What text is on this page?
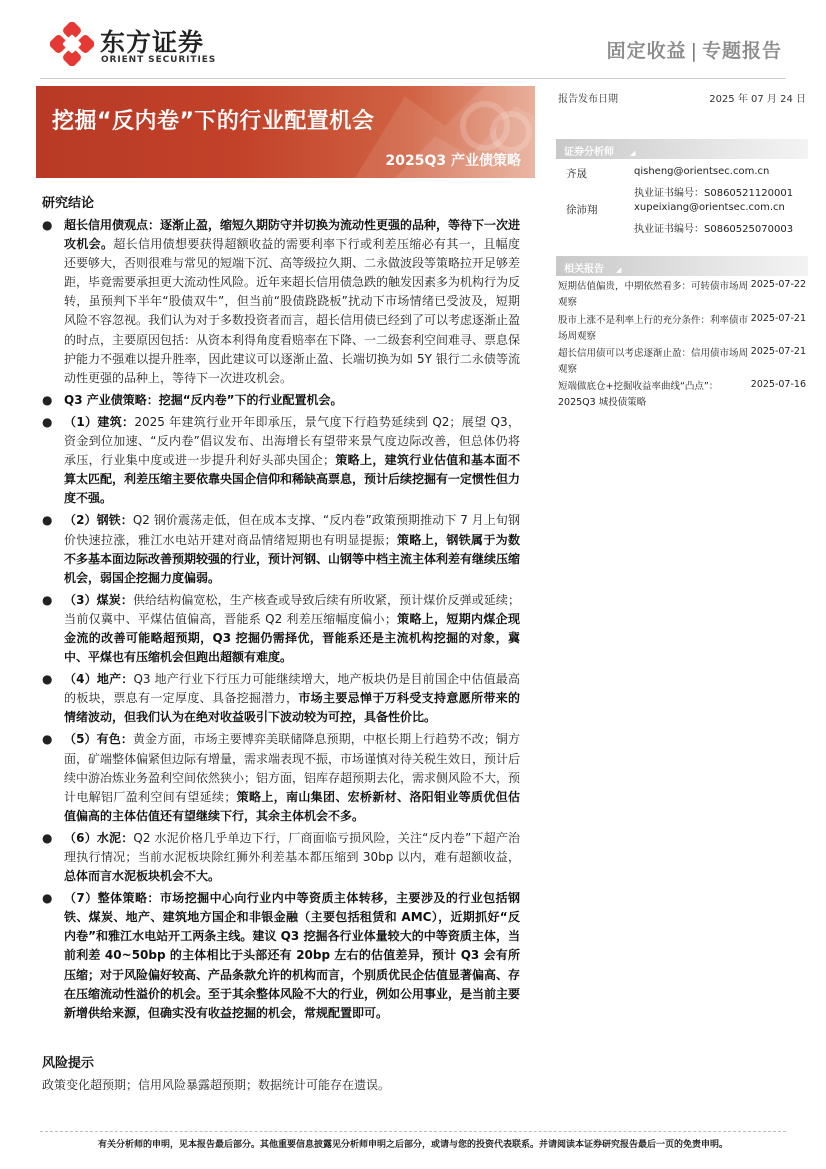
东方证券
ORIENT SECURITIES	固定收益 | 专题报告
挖掘“反内卷”下的行业配置机会
2025Q3 产业债策略
报告发布日期	2025 年 07 月 24 日
证券分析师 ◢
齐晟	qisheng@orientsec.com.cn
执业证书编号：S0860521120001
徐沛翔	xupeixiang@orientsec.com.cn
执业证书编号：S0860525070003
相关报告 ◢
短期估值偏贵，中期依然看多：可转债市场周观察
2025-07-22
股市上涨不是利率上行的充分条件：利率债市场周观察
2025-07-21
超长信用债可以考虑逐渐止盈：信用债市场周观察
2025-07-21
短端做底仓+挖掘收益率曲线“凸点”：2025Q3 城投债策略
2025-07-16
研究结论
● 超长信用债观点：逐渐止盈，缩短久期防守并切换为流动性更强的品种，等待下一次进攻机会。超长信用债想要获得超额收益的需要利率下行或利差压缩必有其一，且幅度还要够大，否则很难与常见的短端下沉、高等级拉久期、二永做波段等策略拉开足够差距，毕竟需要承担更大流动性风险。近年来超长信用债急跌的触发因素多为机构行为反转，虽预判下半年“股债双牛”，但当前“股债跷跷板”扰动下市场情绪已受波及，短期风险不容忽视。我们认为对于多数投资者而言，超长信用债已经到了可以考虑逐渐止盈的时点，主要原因包括：从资本利得角度看赔率在下降、一二级套利空间难寻、票息保护能力不强难以提升胜率，因此建议可以逐渐止盈、长端切换为如 5Y 银行二永债等流动性更强的品种上，等待下一次进攻机会。
● Q3 产业债策略：挖掘“反内卷”下的行业配置机会。
● （1）建筑：2025 年建筑行业开年即承压，景气度下行趋势延续到 Q2；展望 Q3，资金到位加速、“反内卷”倡议发布、出海增长有望带来景气度边际改善，但总体仍将承压，行业集中度或进一步提升利好头部央国企；策略上，建筑行业估值和基本面不算太匹配，利差压缩主要依靠央国企信仰和稀缺高票息，预计后续挖掘有一定惯性但力度不强。
● （2）钢铁：Q2 钢价震荡走低，但在成本支撑、“反内卷”政策预期推动下 7 月上旬钢价快速拉涨，雅江水电站开建对商品情绪短期也有明显提振；策略上，钢铁属于为数不多基本面边际改善预期较强的行业，预计河钢、山钢等中档主流主体利差有继续压缩机会，弱国企挖掘力度偏弱。
● （3）煤炭：供给结构偏宽松，生产核查或导致后续有所收紧，预计煤价反弹或延续；当前仅冀中、平煤估值偏高，晋能系 Q2 利差压缩幅度偏小；策略上，短期内煤企现金流的改善可能略超预期，Q3 挖掘仍需择优，晋能系还是主流机构挖掘的对象，冀中、平煤也有压缩机会但跑出超额有难度。
● （4）地产：Q3 地产行业下行压力可能继续增大，地产板块仍是目前国企中估值最高的板块，票息有一定厚度、具备挖掘潜力，市场主要忌惮于万科受支持意愿所带来的情绪波动，但我们认为在绝对收益吸引下波动较为可控，具备性价比。
● （5）有色：黄金方面，市场主要博弈美联储降息预期，中枢长期上行趋势不改；铜方面，矿端整体偏紧但边际有增量，需求端表现不振，市场谨慎对待关税生效日，预计后续中游冶炼业务盈利空间依然狭小；铝方面，铝库存超预期去化，需求侧风险不大，预计电解铝厂盈利空间有望延续；策略上，南山集团、宏桥新材、洛阳钼业等质优但估值偏高的主体估值还有望继续下行，其余主体机会不多。
● （6）水泥：Q2 水泥价格几乎单边下行，厂商面临亏损风险，关注“反内卷”下超产治理执行情况；当前水泥板块除红狮外利差基本都压缩到 30bp 以内，难有超额收益，总体而言水泥板块机会不大。
● （7）整体策略：市场挖掘中心向行业内中等资质主体转移，主要涉及的行业包括钢铁、煤炭、地产、建筑地方国企和非银金融（主要包括租赁和 AMC），近期抓好“反内卷”和雅江水电站开工两条主线。建议 Q3 挖掘各行业体量较大的中等资质主体，当前利差 40~50bp 的主体相比于头部还有 20bp 左右的估值差异，预计 Q3 会有所压缩；对于风险偏好较高、产品条款允许的机构而言，个别质优民企估值显著偏高、存在压缩流动性溢价的机会。至于其余整体风险不大的行业，例如公用事业，是当前主要新增供给来源，但确实没有收益挖掘的机会，常规配置即可。
风险提示
政策变化超预期；信用风险暴露超预期；数据统计可能存在遗误。
有关分析师的申明，见本报告最后部分。其他重要信息披露见分析师申明之后部分，或请与您的投资代表联系。并请阅读本证券研究报告最后一页的免责申明。
